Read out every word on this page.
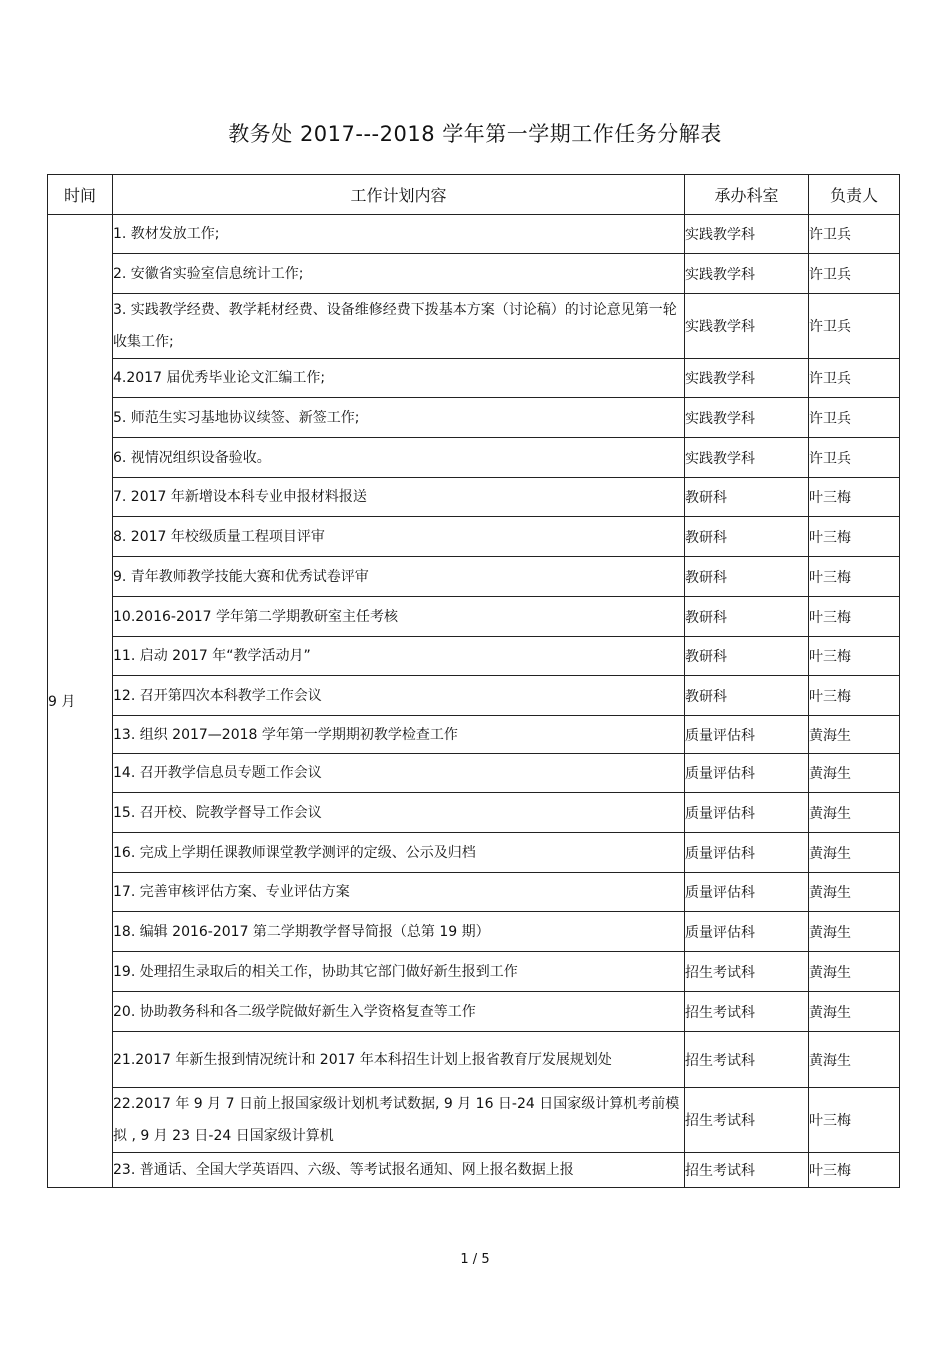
教务处 2017---2018 学年第一学期工作任务分解表
时间	工作计划内容	承办科室	负责人
9 月	1. 教材发放工作;	实践教学科	许卫兵
	2. 安徽省实验室信息统计工作;	实践教学科	许卫兵
	3. 实践教学经费、教学耗材经费、设备维修经费下拨基本方案（讨论稿）的讨论意见第一轮收集工作;	实践教学科	许卫兵
	4.2017 届优秀毕业论文汇编工作;	实践教学科	许卫兵
	5. 师范生实习基地协议续签、新签工作;	实践教学科	许卫兵
	6. 视情况组织设备验收。	实践教学科	许卫兵
	7. 2017 年新增设本科专业申报材料报送	教研科	叶三梅
	8. 2017 年校级质量工程项目评审	教研科	叶三梅
	9. 青年教师教学技能大赛和优秀试卷评审	教研科	叶三梅
	10.2016-2017 学年第二学期教研室主任考核	教研科	叶三梅
	11. 启动 2017 年“教学活动月”	教研科	叶三梅
	12. 召开第四次本科教学工作会议	教研科	叶三梅
	13. 组织 2017—2018 学年第一学期期初教学检查工作	质量评估科	黄海生
	14. 召开教学信息员专题工作会议	质量评估科	黄海生
	15. 召开校、院教学督导工作会议	质量评估科	黄海生
	16. 完成上学期任课教师课堂教学测评的定级、公示及归档	质量评估科	黄海生
	17. 完善审核评估方案、专业评估方案	质量评估科	黄海生
	18. 编辑 2016-2017 第二学期教学督导简报（总第 19 期）	质量评估科	黄海生
	19. 处理招生录取后的相关工作，协助其它部门做好新生报到工作	招生考试科	黄海生
	20. 协助教务科和各二级学院做好新生入学资格复查等工作	招生考试科	黄海生
	21.2017 年新生报到情况统计和 2017 年本科招生计划上报省教育厅发展规划处	招生考试科	黄海生
	22.2017 年 9 月 7 日前上报国家级计划机考试数据, 9 月 16 日-24 日国家级计算机考前模拟 , 9 月 23 日-24 日国家级计算机	招生考试科	叶三梅
	23. 普通话、全国大学英语四、六级、等考试报名通知、网上报名数据上报	招生考试科	叶三梅
1 / 5
